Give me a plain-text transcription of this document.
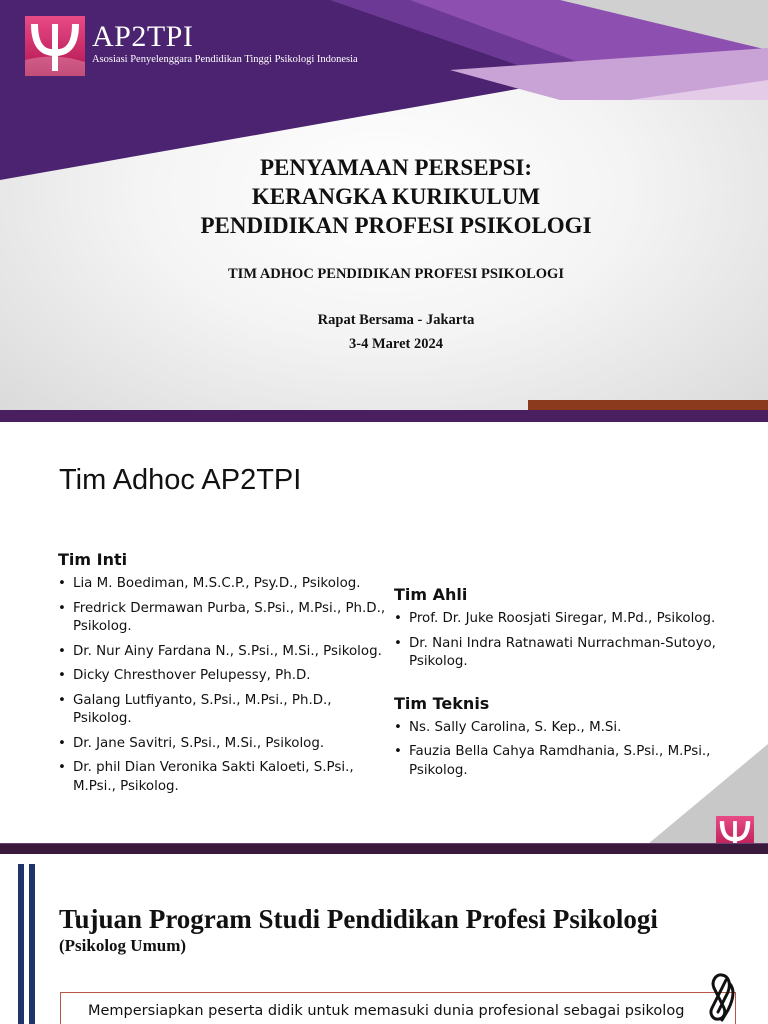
AP2TPI
Asosiasi Penyelenggara Pendidikan Tinggi Psikologi Indonesia
PENYAMAAN PERSEPSI:
KERANGKA KURIKULUM
PENDIDIKAN PROFESI PSIKOLOGI
TIM ADHOC PENDIDIKAN PROFESI PSIKOLOGI
Rapat Bersama - Jakarta
3-4 Maret 2024
Tim Adhoc AP2TPI
Tim Inti
• Lia M. Boediman, M.S.C.P., Psy.D., Psikolog.
• Fredrick Dermawan Purba, S.Psi., M.Psi., Ph.D., Psikolog.
• Dr. Nur Ainy Fardana N., S.Psi., M.Si., Psikolog.
• Dicky Chresthover Pelupessy, Ph.D.
• Galang Lutfiyanto, S.Psi., M.Psi., Ph.D., Psikolog.
• Dr. Jane Savitri, S.Psi., M.Si., Psikolog.
• Dr. phil Dian Veronika Sakti Kaloeti, S.Psi., M.Psi., Psikolog.
Tim Ahli
• Prof. Dr. Juke Roosjati Siregar, M.Pd., Psikolog.
• Dr. Nani Indra Ratnawati Nurrachman-Sutoyo, Psikolog.
Tim Teknis
• Ns. Sally Carolina, S. Kep., M.Si.
• Fauzia Bella Cahya Ramdhania, S.Psi., M.Psi., Psikolog.
Tujuan Program Studi Pendidikan Profesi Psikologi
(Psikolog Umum)
Mempersiapkan peserta didik untuk memasuki dunia profesional sebagai psikolog
